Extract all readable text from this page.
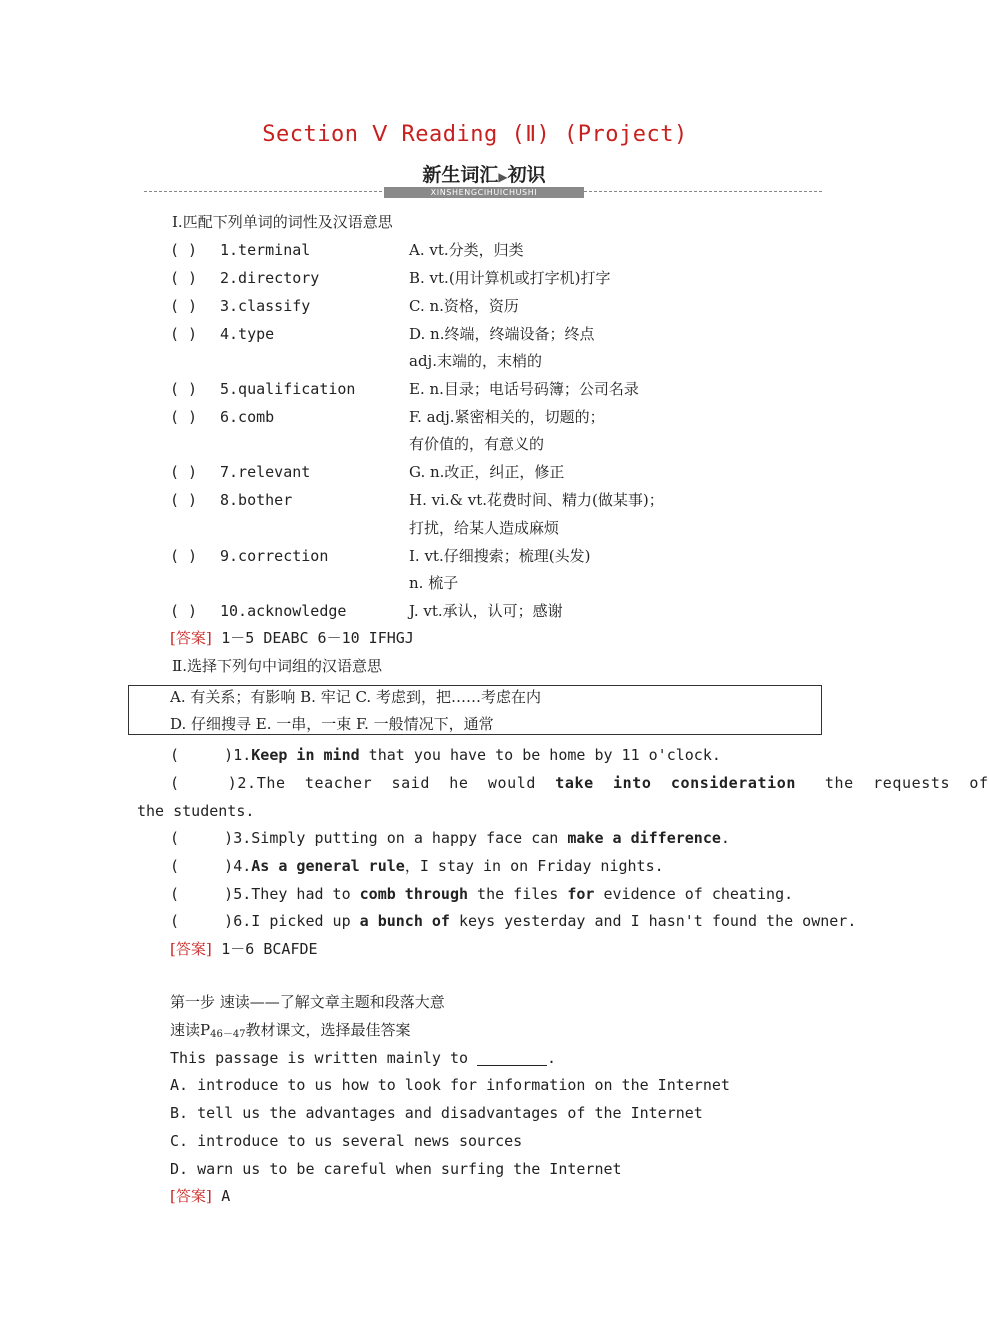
Section Ⅴ Reading (Ⅱ) (Project)
新生词汇▶初识
XINSHENGCIHUICHUSHI
Ⅰ.匹配下列单词的词性及汉语意思
( ) 1.terminal
( ) 2.directory
( ) 3.classify
( ) 4.type
( ) 5.qualification
( ) 6.comb
( ) 7.relevant
( ) 8.bother
( ) 9.correction
( ) 10.acknowledge
A. vt.分类，归类
B. vt.(用计算机或打字机)打字
C. n.资格，资历
D. n.终端，终端设备；终点
adj.末端的，末梢的
E. n.目录；电话号码簿；公司名录
F. adj.紧密相关的，切题的；
有价值的，有意义的
G. n.改正，纠正，修正
H. vi.& vt.花费时间、精力(做某事)；
打扰，给某人造成麻烦
I. vt.仔细搜索；梳理(头发)
n. 梳子
J. vt.承认，认可；感谢
[答案] 1－5 DEABC 6－10 IFHGJ
Ⅱ.选择下列句中词组的汉语意思
A. 有关系；有影响 B. 牢记 C. 考虑到，把……考虑在内
D. 仔细搜寻 E. 一串，一束 F. 一般情况下，通常
(     )1.Keep in mind that you have to be home by 11 o'clock.
(     )2.The  teacher  said  he  would  take  into  consideration   the  requests  of
the students.
(     )3.Simply putting on a happy face can make a difference.
(     )4.As a general rule，I stay in on Friday nights.
(     )5.They had to comb through the files for evidence of cheating.
(     )6.I picked up a bunch of keys yesterday and I hasn't found the owner.
[答案] 1－6 BCAFDE
第一步 速读——了解文章主题和段落大意
速读$P_{46-47}$教材课文，选择最佳答案
This passage is written mainly to	.
A. introduce to us how to look for information on the Internet
B. tell us the advantages and disadvantages of the Internet
C. introduce to us several news sources
D. warn us to be careful when surfing the Internet
[答案] A
